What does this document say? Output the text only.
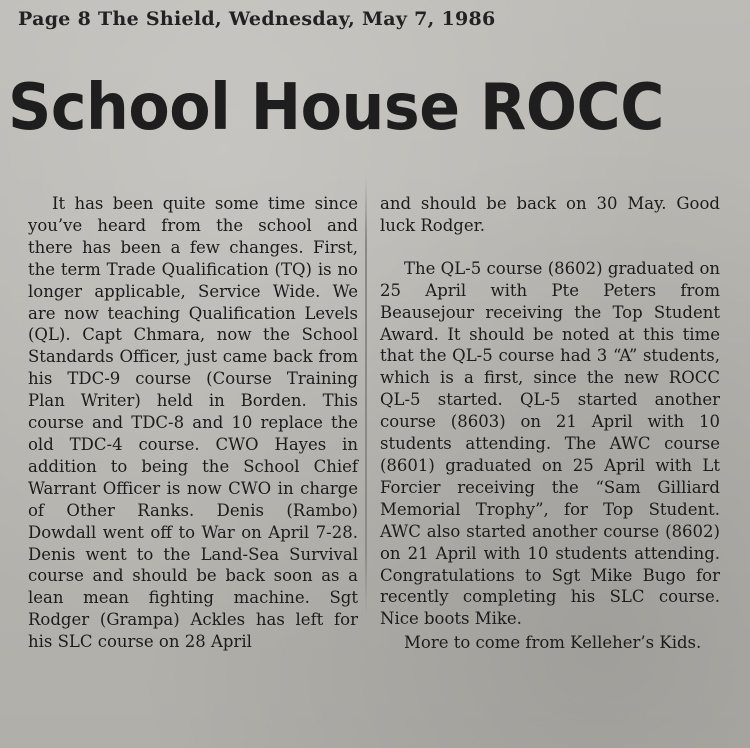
Page 8 The Shield, Wednesday, May 7, 1986
School House ROCC

It has been quite some time since you’ve heard from the school and there has been a few changes. First, the term Trade Qualification (TQ) is no longer applicable, Service Wide. We are now teaching Qualification Levels (QL). Capt Chmara, now the School Standards Officer, just came back from his TDC-9 course (Course Training Plan Writer) held in Borden. This course and TDC-8 and 10 replace the old TDC-4 course. CWO Hayes in addition to being the School Chief Warrant Officer is now CWO in charge of Other Ranks. Denis (Rambo) Dowdall went off to War on April 7-28. Denis went to the Land-Sea Survival course and should be back soon as a lean mean fighting machine. Sgt Rodger (Grampa) Ackles has left for his SLC course on 28 April

and should be back on 30 May. Good luck Rodger.

The QL-5 course (8602) graduated on 25 April with Pte Peters from Beausejour receiving the Top Student Award. It should be noted at this time that the QL-5 course had 3 “A” students, which is a first, since the new ROCC QL-5 started. QL-5 started another course (8603) on 21 April with 10 students attending. The AWC course (8601) graduated on 25 April with Lt Forcier receiving the “Sam Gilliard Memorial Trophy”, for Top Student. AWC also started another course (8602) on 21 April with 10 students attending. Congratulations to Sgt Mike Bugo for recently completing his SLC course. Nice boots Mike.

More to come from Kelleher’s Kids.
